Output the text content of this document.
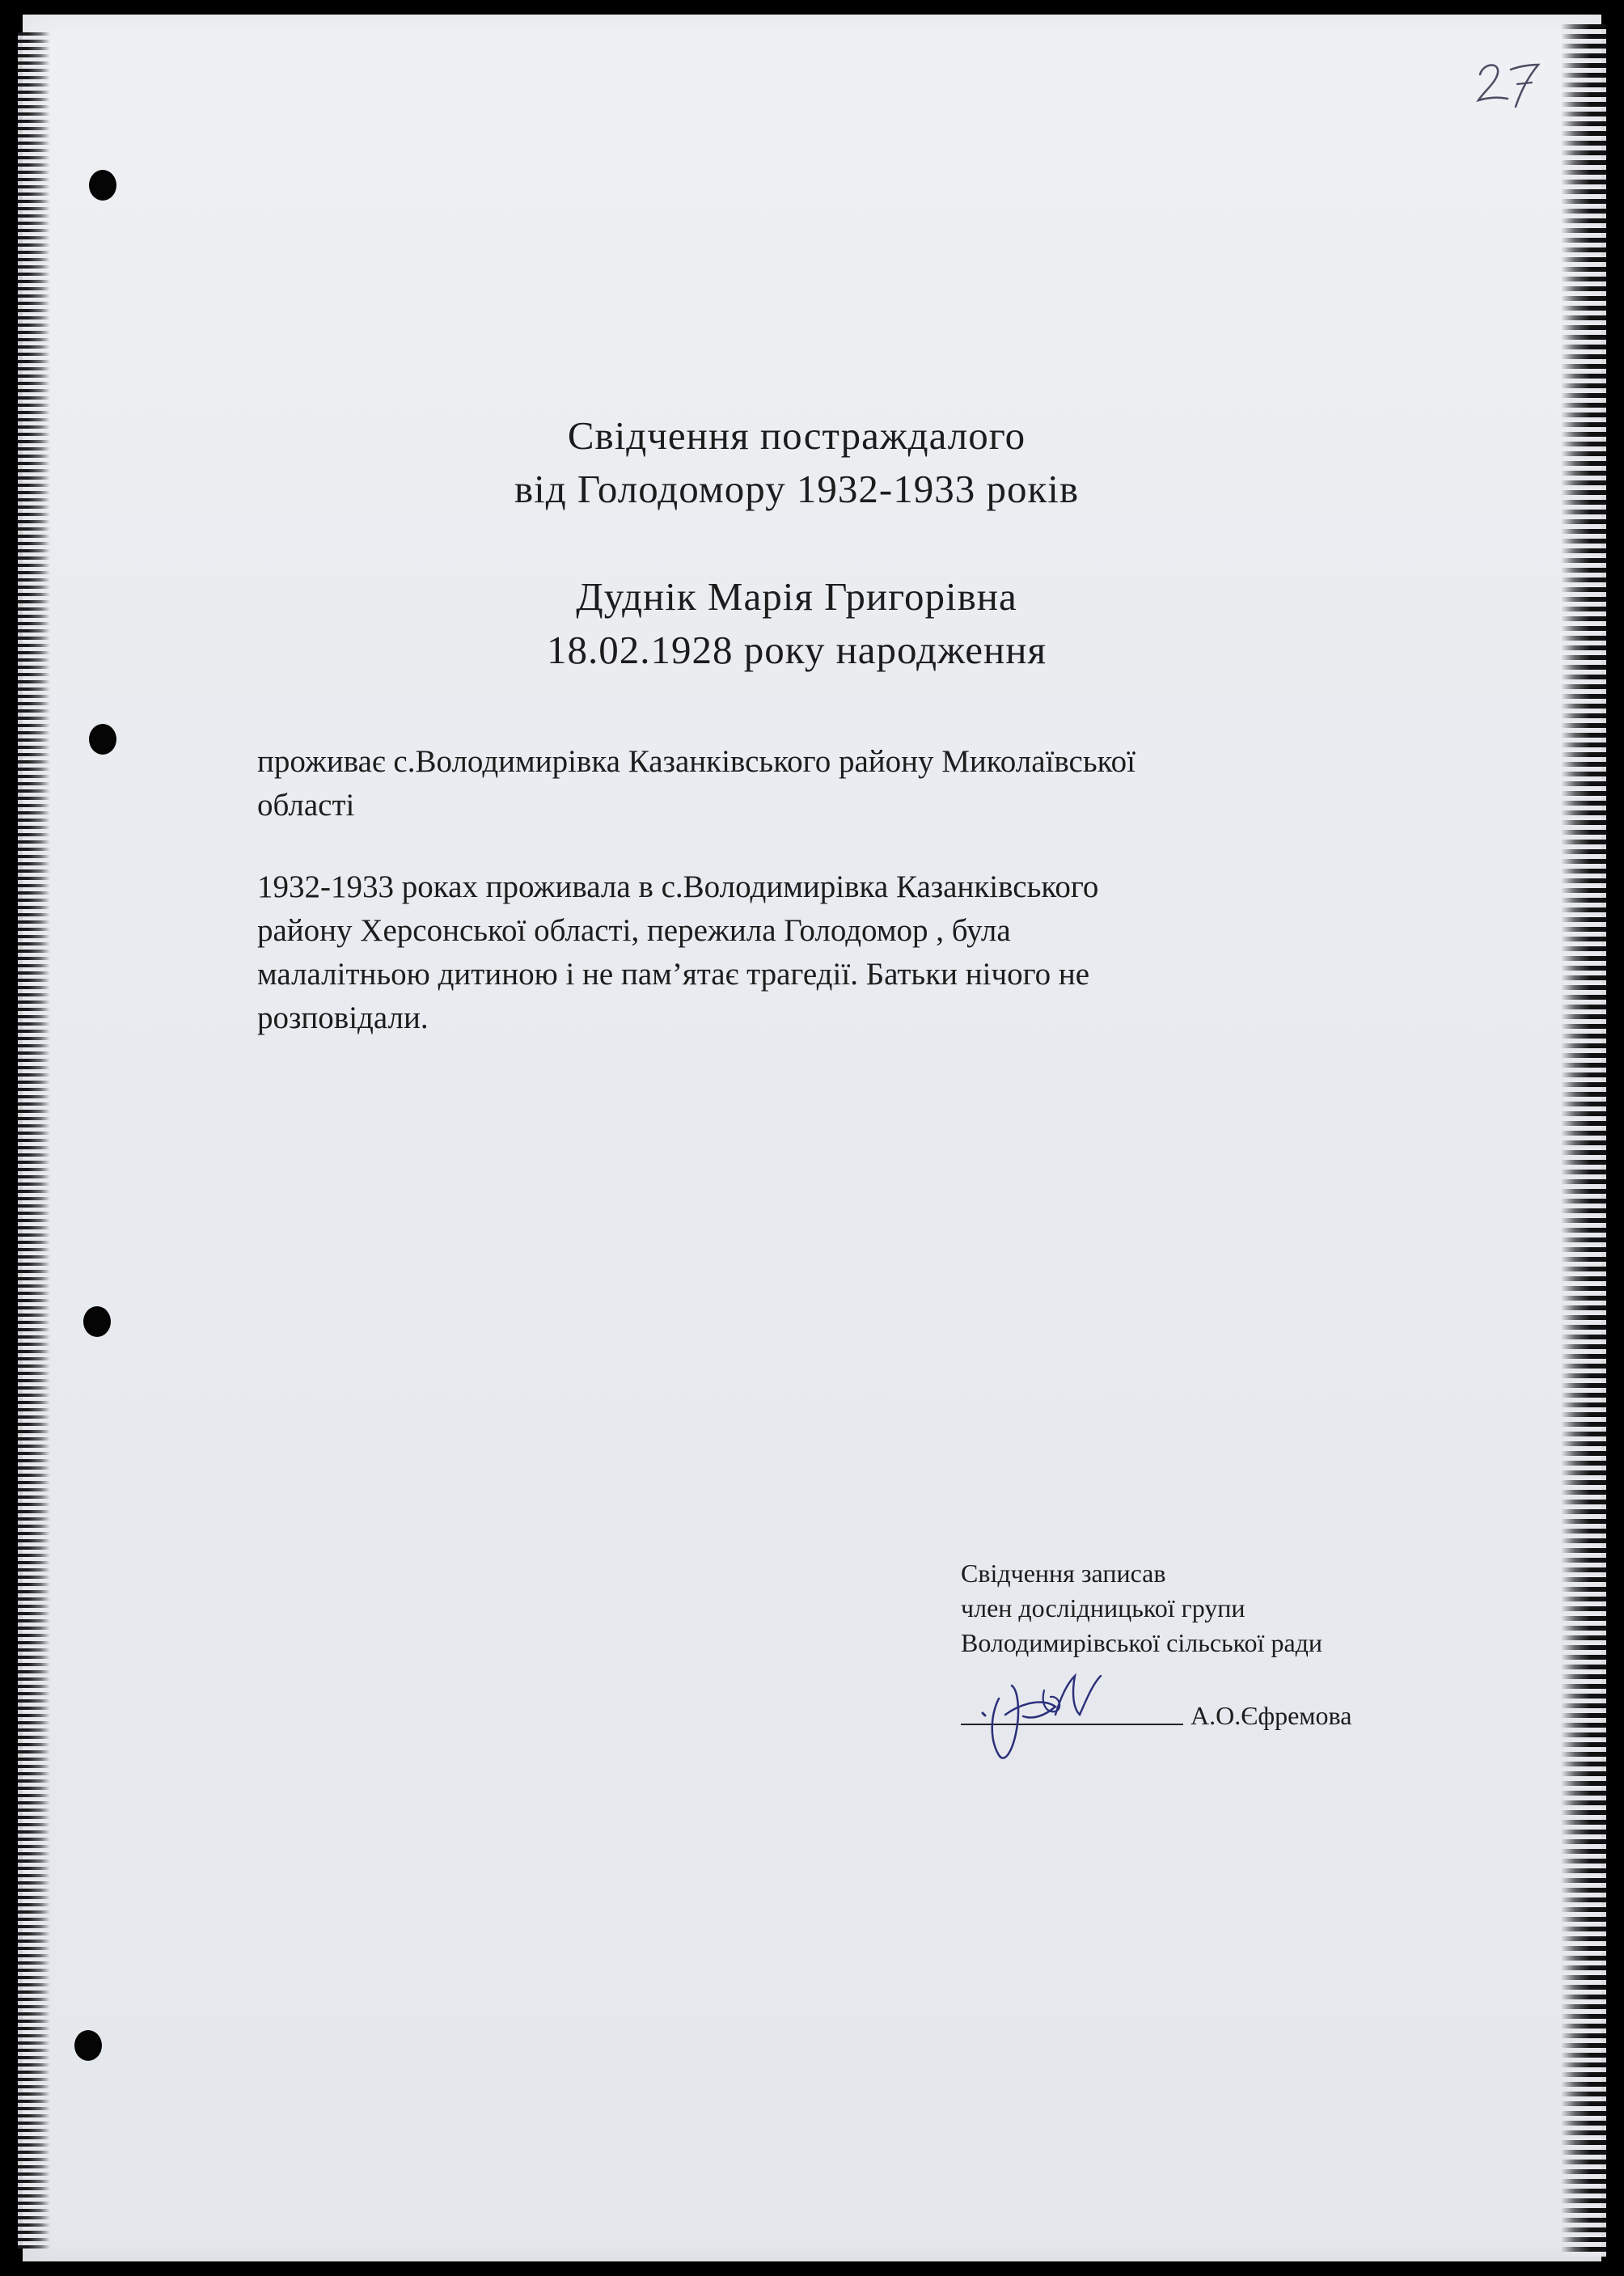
Свідчення постраждалого

від Голодомору 1932-1933 років

Дуднік Марія Григорівна

18.02.1928 року народження

проживає с.Володимирівка Казанківського району Миколаївської

області

1932-1933 роках проживала в с.Володимирівка Казанківського

району Херсонської області, пережила Голодомор , була

малалітньою дитиною і не пам’ятає трагедії. Батьки нічого не

розповідали.

Свідчення записав

член дослідницької групи

Володимирівської сільської ради

А.О.Єфремова
